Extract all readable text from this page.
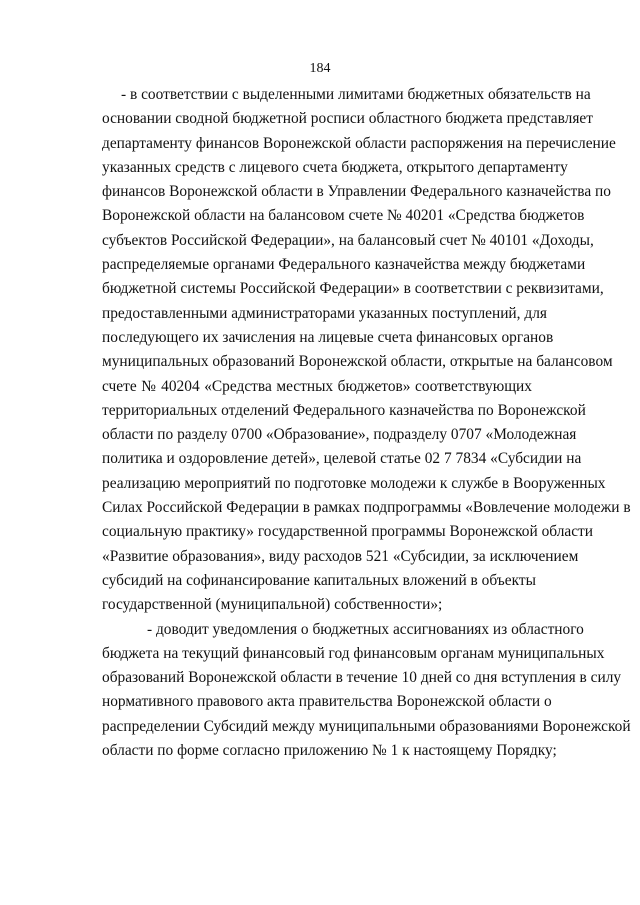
184
- в соответствии с выделенными лимитами бюджетных обязательств на
основании сводной бюджетной росписи областного бюджета представляет
департаменту финансов Воронежской области распоряжения на перечисление
указанных средств с лицевого счета бюджета, открытого департаменту
финансов Воронежской области в Управлении Федерального казначейства по
Воронежской области на балансовом счете № 40201 «Средства бюджетов
субъектов Российской Федерации», на балансовый счет № 40101 «Доходы,
распределяемые органами Федерального казначейства между бюджетами
бюджетной системы Российской Федерации» в соответствии с реквизитами,
предоставленными администраторами указанных поступлений, для
последующего их зачисления на лицевые счета финансовых органов
муниципальных образований Воронежской области, открытые на балансовом
счете № 40204 «Средства местных бюджетов» соответствующих
территориальных отделений Федерального казначейства по Воронежской
области по разделу 0700 «Образование», подразделу 0707 «Молодежная
политика и оздоровление детей», целевой статье 02 7 7834 «Субсидии на
реализацию мероприятий по подготовке молодежи к службе в Вооруженных
Силах Российской Федерации в рамках подпрограммы «Вовлечение молодежи в
социальную практику» государственной программы Воронежской области
«Развитие образования», виду расходов 521 «Субсидии, за исключением
субсидий на софинансирование капитальных вложений в объекты
государственной (муниципальной) собственности»;
- доводит уведомления о бюджетных ассигнованиях из областного
бюджета на текущий финансовый год финансовым органам муниципальных
образований Воронежской области в течение 10 дней со дня вступления в силу
нормативного правового акта правительства Воронежской области о
распределении Субсидий между муниципальными образованиями Воронежской
области по форме согласно приложению № 1 к настоящему Порядку;
